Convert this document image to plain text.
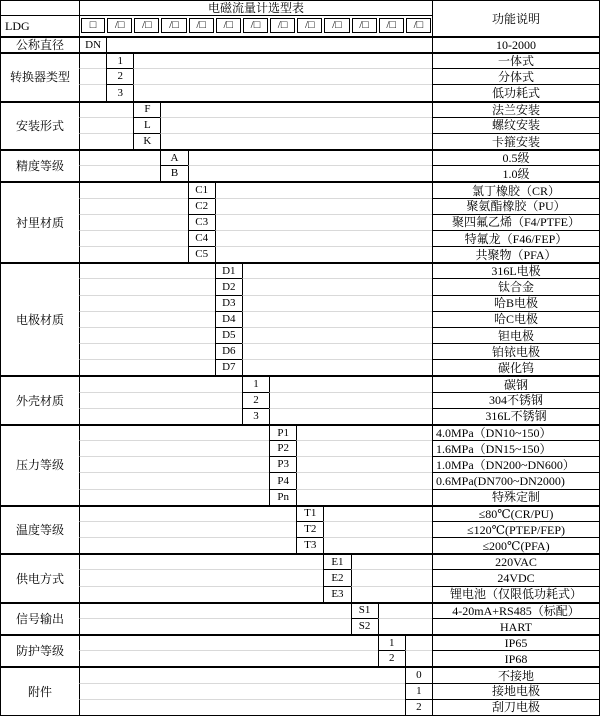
电磁流量计选型表
功能说明
LDG	□	/□	/□	/□	/□	/□	/□	/□	/□	/□	/□	/□	/□
公称直径	DN	10-2000
转换器类型
1	一体式
2	分体式
3	低功耗式
安装形式
F	法兰安装
L	螺纹安装
K	卡箍安装
精度等级
A	0.5级
B	1.0级
衬里材质
C1	氯丁橡胶（CR）
C2	聚氨酯橡胶（PU）
C3	聚四氟乙烯（F4/PTFE）
C4	特氟龙（F46/FEP）
C5	共聚物（PFA）
电极材质
D1	316L电极
D2	钛合金
D3	哈B电极
D4	哈C电极
D5	钽电极
D6	铂铱电极
D7	碳化钨
外壳材质
1	碳钢
2	304不锈钢
3	316L不锈钢
压力等级
P1	4.0MPa（DN10~150）
P2	1.6MPa（DN15~150）
P3	1.0MPa（DN200~DN600）
P4	0.6MPa(DN700~DN2000)
Pn	特殊定制
温度等级
T1	≤80℃(CR/PU)
T2	≤120℃(PTEP/FEP)
T3	≤200℃(PFA)
供电方式
E1	220VAC
E2	24VDC
E3	锂电池（仅限低功耗式）
信号输出
S1	4-20mA+RS485（标配）
S2	HART
防护等级
1	IP65
2	IP68
附件
0	不接地
1	接地电极
2	刮刀电极
